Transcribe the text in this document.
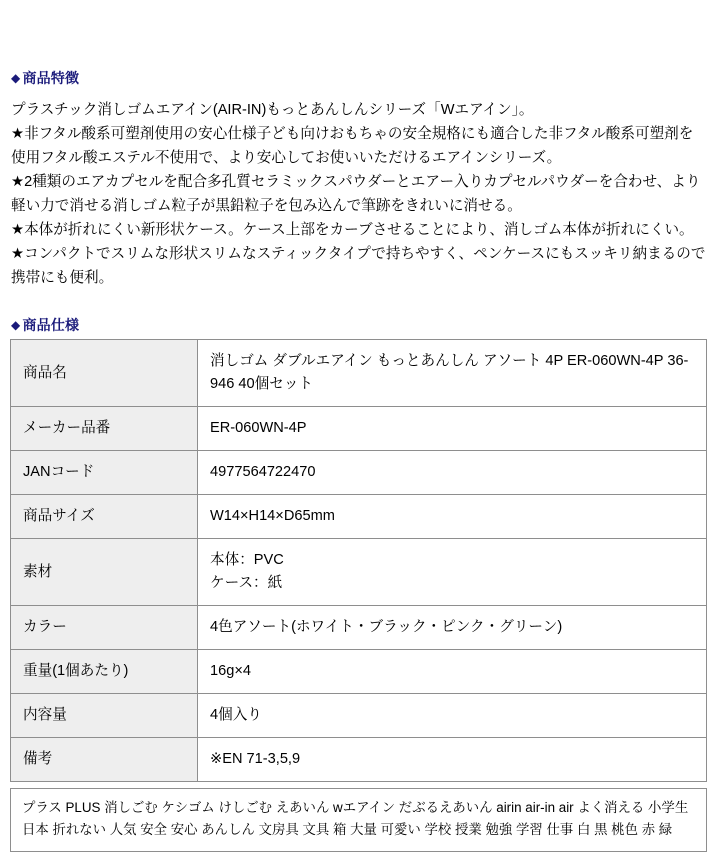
◆ 商品特徴

プラスチック消しゴムエアイン(AIR-IN)もっとあんしんシリーズ「Wエアイン」。

★非フタル酸系可塑剤使用の安心仕様子ども向けおもちゃの安全規格にも適合した非フタル酸系可塑剤を使用フタル酸エステル不使用で、より安心してお使いいただけるエアインシリーズ。

★2種類のエアカプセルを配合多孔質セラミックスパウダーとエアー入りカプセルパウダーを合わせ、より軽い力で消せる消しゴム粒子が黒鉛粒子を包み込んで筆跡をきれいに消せる。

★本体が折れにくい新形状ケース。ケース上部をカーブさせることにより、消しゴム本体が折れにくい。

★コンパクトでスリムな形状スリムなスティックタイプで持ちやすく、ペンケースにもスッキリ納まるので携帯にも便利。

◆ 商品仕様
商品名	消しゴム ダブルエアイン もっとあんしん アソート 4P ER-060WN-4P 36-946 40個セット

メーカー品番	ER-060WN-4P

JANコード	4977564722470

商品サイズ	W14×H14×D65mm

素材	本体：PVC
ケース：紙

カラー	4色アソート(ホワイト・ブラック・ピンク・グリーン)

重量(1個あたり)	16g×4

内容量	4個入り

備考	※EN 71-3,5,9
プラス PLUS 消しごむ ケシゴム けしごむ えあいん wエアイン だぶるえあいん airin air-in air よく消える 小学生 日本 折れない 人気 安全 安心 あんしん 文房具 文具 箱 大量 可愛い 学校 授業 勉強 学習 仕事 白 黒 桃色 赤 緑
